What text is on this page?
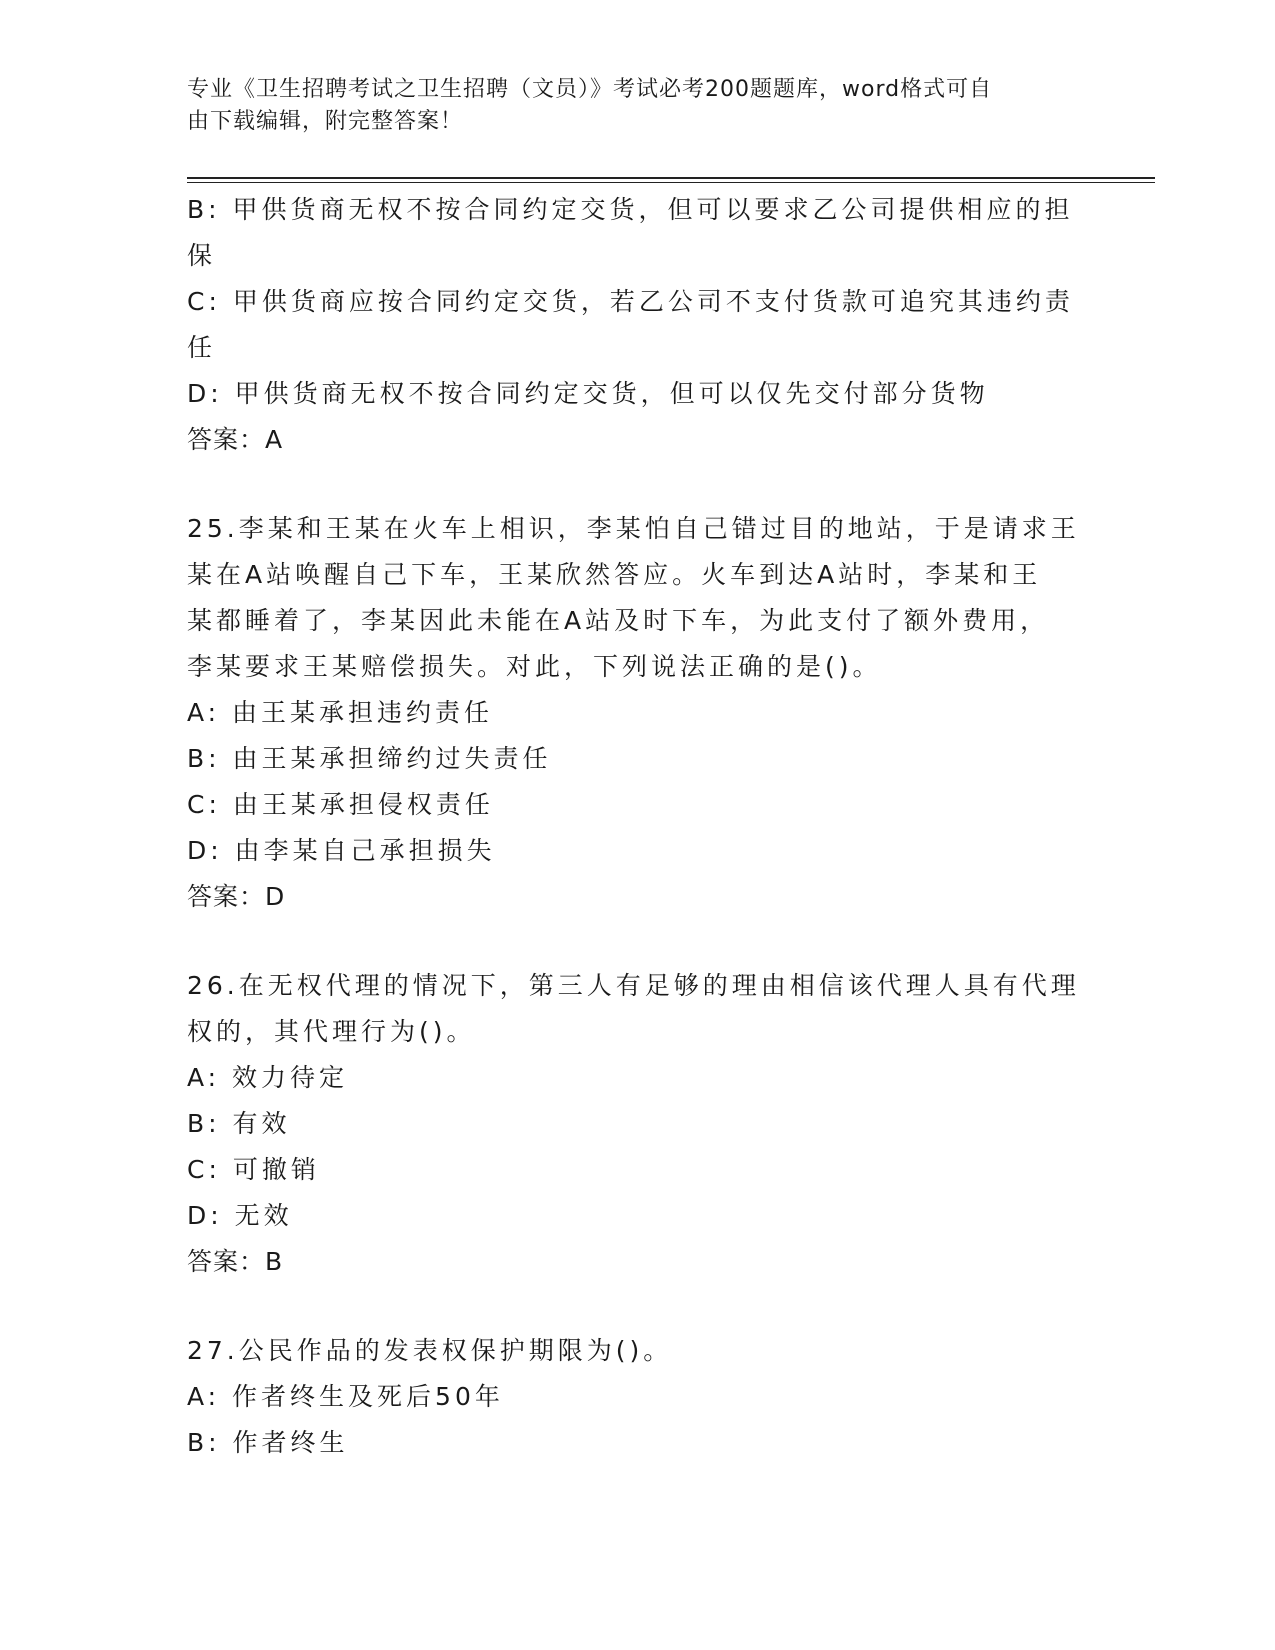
专业《卫生招聘考试之卫生招聘（文员）》考试必考200题题库，word格式可自
由下载编辑，附完整答案！
B: 甲供货商无权不按合同约定交货，但可以要求乙公司提供相应的担
保
C: 甲供货商应按合同约定交货，若乙公司不支付货款可追究其违约责
任
D: 甲供货商无权不按合同约定交货，但可以仅先交付部分货物
答案：A
25.李某和王某在火车上相识，李某怕自己错过目的地站，于是请求王
某在A站唤醒自己下车，王某欣然答应。火车到达A站时，李某和王
某都睡着了，李某因此未能在A站及时下车，为此支付了额外费用，
李某要求王某赔偿损失。对此，下列说法正确的是()。
A: 由王某承担违约责任
B: 由王某承担缔约过失责任
C: 由王某承担侵权责任
D: 由李某自己承担损失
答案：D
26.在无权代理的情况下，第三人有足够的理由相信该代理人具有代理
权的，其代理行为()。
A: 效力待定
B: 有效
C: 可撤销
D: 无效
答案：B
27.公民作品的发表权保护期限为()。
A: 作者终生及死后50年
B: 作者终生
